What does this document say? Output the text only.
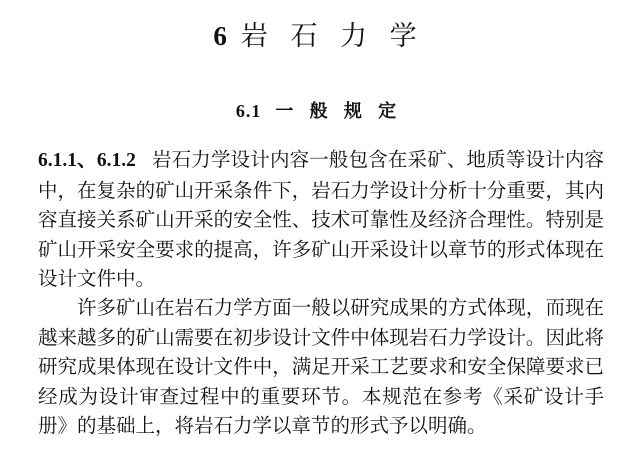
6 岩 石 力 学
6.1 一 般 规 定

6.1.1、6.1.2 岩石力学设计内容一般包含在采矿、地质等设计内容中，在复杂的矿山开采条件下，岩石力学设计分析十分重要，其内容直接关系矿山开采的安全性、技术可靠性及经济合理性。特别是矿山开采安全要求的提高，许多矿山开采设计以章节的形式体现在设计文件中。

许多矿山在岩石力学方面一般以研究成果的方式体现，而现在越来越多的矿山需要在初步设计文件中体现岩石力学设计。因此将研究成果体现在设计文件中，满足开采工艺要求和安全保障要求已经成为设计审查过程中的重要环节。本规范在参考《采矿设计手册》的基础上，将岩石力学以章节的形式予以明确。
